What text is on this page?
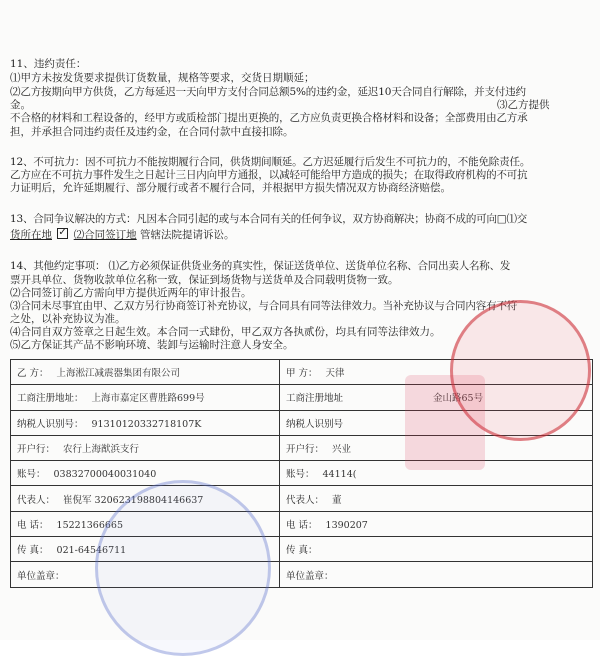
11、违约责任：
⑴甲方未按发货要求提供订货数量，规格等要求，交货日期顺延；
⑵乙方按期向甲方供货，乙方每延迟一天向甲方支付合同总额5%的违约金，延迟10天合同自行解除，并支付违约
金。	⑶乙方提供
不合格的材料和工程设备的，经甲方或质检部门提出更换的，乙方应负责更换合格材料和设备；全部费用由乙方承
担，并承担合同违约责任及违约金，在合同付款中直接扣除。
12、不可抗力：因不可抗力不能按期履行合同，供货期间顺延。乙方迟延履行后发生不可抗力的，不能免除责任。
乙方应在不可抗力事件发生之日起计三日内向甲方通报，以减轻可能给甲方造成的损失；在取得政府机构的不可抗
力证明后，允许延期履行、部分履行或者不履行合同，并根据甲方损失情况双方协商经济赔偿。
13、合同争议解决的方式：凡因本合同引起的或与本合同有关的任何争议，双方协商解决；协商不成的可向□⑴交
货所在地 ✓ ⑵合同签订地 管辖法院提请诉讼。
14、其他约定事项： ⑴乙方必须保证供货业务的真实性，保证送货单位、送货单位名称、合同出卖人名称、发
票开具单位、货物收款单位名称一致，保证到场货物与送货单及合同载明货物一致。
⑵合同签订前乙方需向甲方提供近两年的审计报告。
⑶合同未尽事宜由甲、乙双方另行协商签订补充协议，与合同具有同等法律效力。当补充协议与合同内容有不符
之处，以补充协议为准。
⑷合同自双方签章之日起生效。本合同一式肆份，甲乙双方各执贰份，均具有同等法律效力。
⑸乙方保证其产品不影响环境、装卸与运输时注意人身安全。
乙 方： 上海淞江减震器集团有限公司	甲 方： 天律
工商注册地址： 上海市嘉定区曹胜路699号	工商注册地址 金山路65号
纳税人识别号： 91310120332718107K	纳税人识别号
开户行： 农行上海猷浜支行	开户行： 兴业
账号： 03832700040031040	账号： 44114(
代表人： 崔倪军 320623198804146637	代表人： 董
电 话： 15221366665	电 话： 1390207
传 真： 021-64546711	传 真：
单位盖章：	单位盖章：
